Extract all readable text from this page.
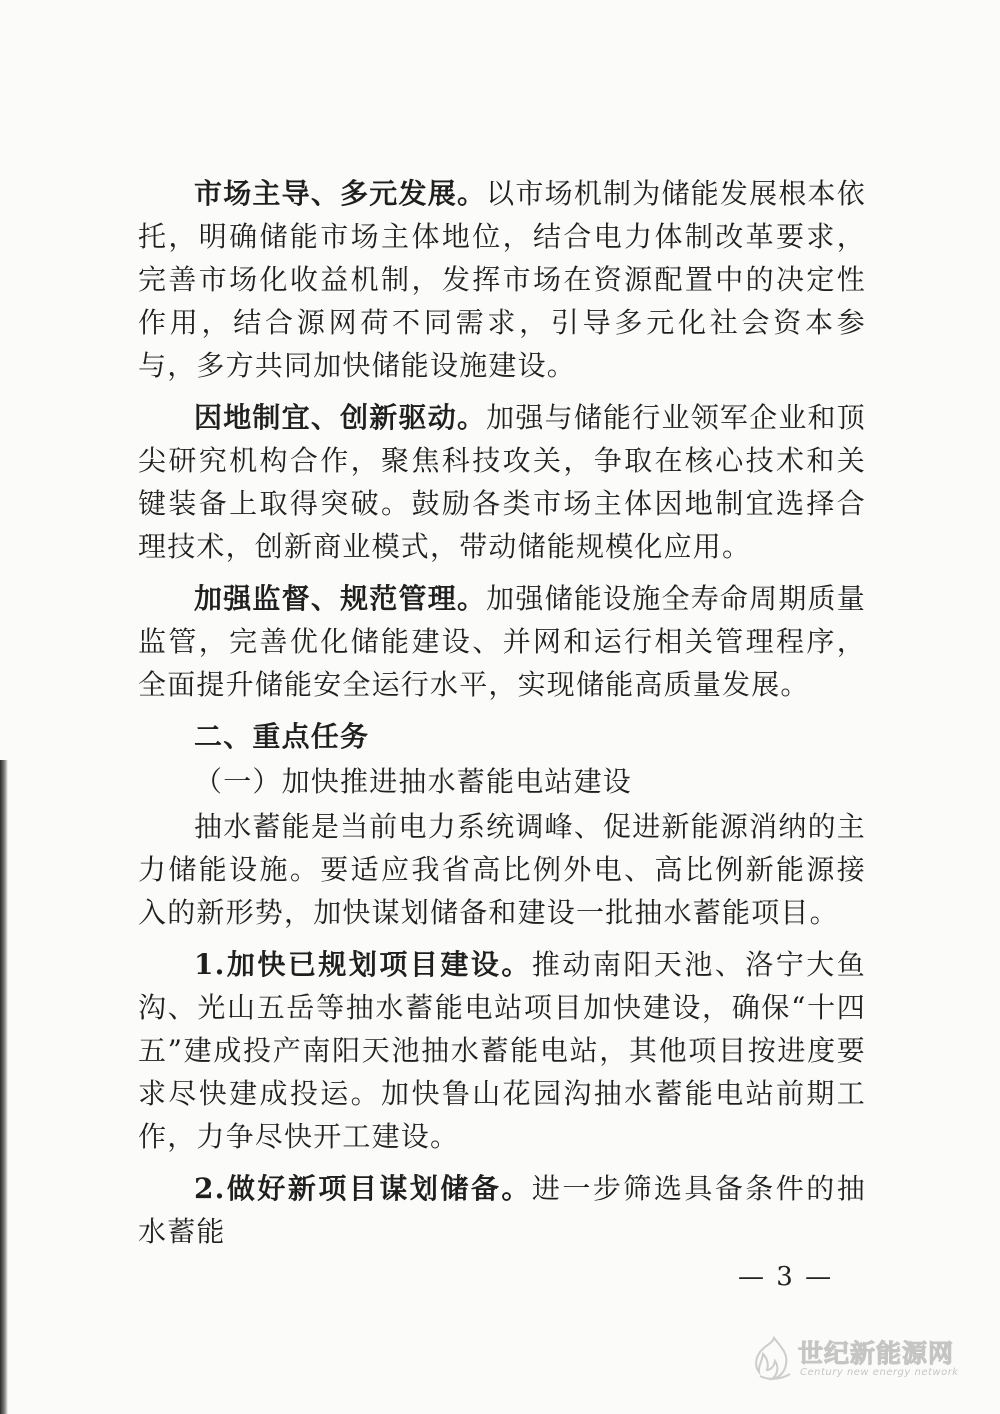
市场主导、多元发展。以市场机制为储能发展根本依托，明确储能市场主体地位，结合电力体制改革要求，完善市场化收益机制，发挥市场在资源配置中的决定性作用，结合源网荷不同需求，引导多元化社会资本参与，多方共同加快储能设施建设。

因地制宜、创新驱动。加强与储能行业领军企业和顶尖研究机构合作，聚焦科技攻关，争取在核心技术和关键装备上取得突破。鼓励各类市场主体因地制宜选择合理技术，创新商业模式，带动储能规模化应用。

加强监督、规范管理。加强储能设施全寿命周期质量监管，完善优化储能建设、并网和运行相关管理程序，全面提升储能安全运行水平，实现储能高质量发展。

二、重点任务

（一）加快推进抽水蓄能电站建设

抽水蓄能是当前电力系统调峰、促进新能源消纳的主力储能设施。要适应我省高比例外电、高比例新能源接入的新形势，加快谋划储备和建设一批抽水蓄能项目。

1.加快已规划项目建设。推动南阳天池、洛宁大鱼沟、光山五岳等抽水蓄能电站项目加快建设，确保“十四五”建成投产南阳天池抽水蓄能电站，其他项目按进度要求尽快建成投运。加快鲁山花园沟抽水蓄能电站前期工作，力争尽快开工建设。

2.做好新项目谋划储备。进一步筛选具备条件的抽水蓄能

— 3 —
世纪新能源网
Century new energy network
